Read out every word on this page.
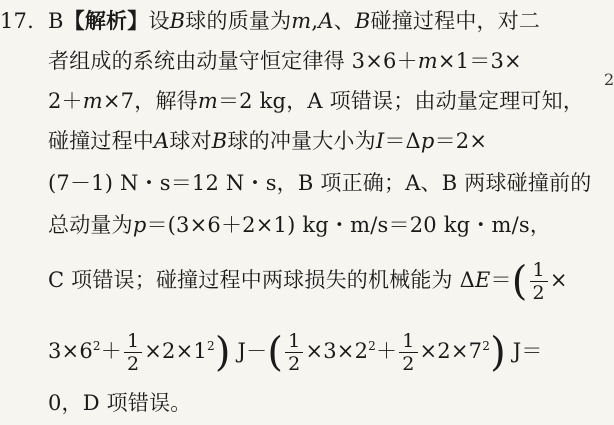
17. B【解析】设B球的质量为m,A、B碰撞过程中，对二
者组成的系统由动量守恒定律得 3×6＋m×1＝3×
2＋m×7，解得m＝2 kg，A 项错误；由动量定理可知，
碰撞过程中A球对B球的冲量大小为I＝Δp＝2×
(7－1) N・s＝12 N・s，B 项正确；A、B 两球碰撞前的
总动量为p＝(3×6＋2×1) kg・m/s＝20 kg・m/s，
C 项错误；碰撞过程中两球损失的机械能为 $\Delta E=( \frac{1}{2}$ ×
$3\times 6^2+ \frac{1}{2} \times 2\times 1^2$) $J-( \frac{1}{2} \times 3\times 2^2+ \frac{1}{2} \times 2\times 7^2)$ J＝
0，D 项错误。
2
